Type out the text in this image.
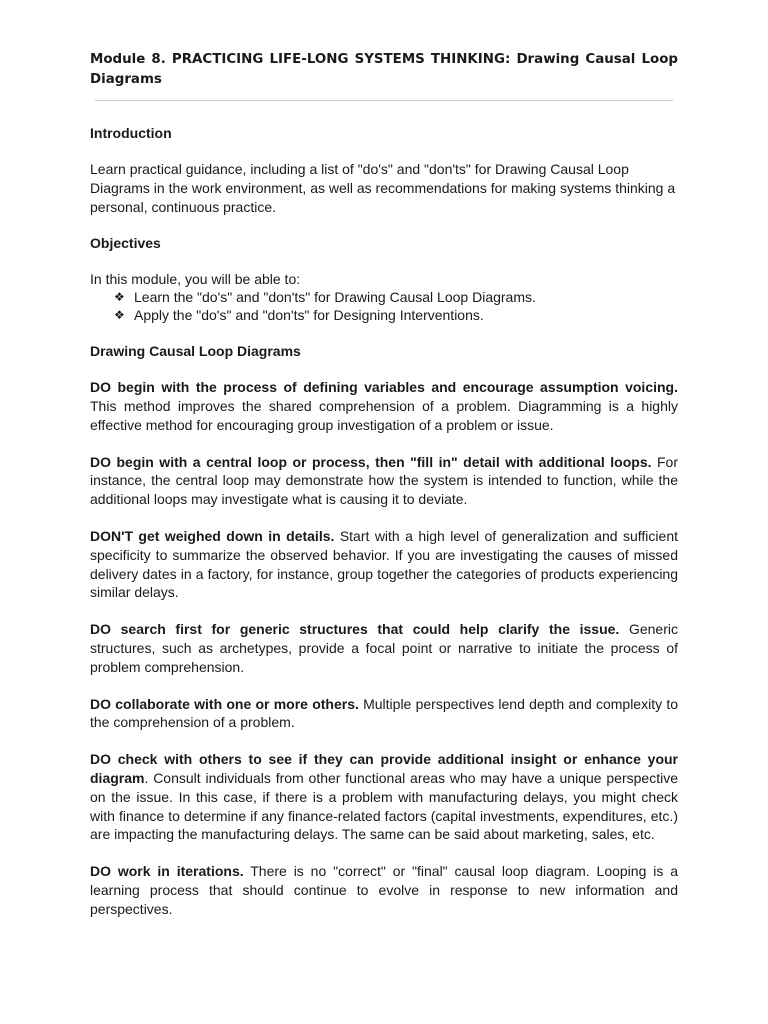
Module 8. PRACTICING LIFE-LONG SYSTEMS THINKING: Drawing Causal Loop Diagrams
Introduction

Learn practical guidance, including a list of "do's" and "don'ts" for Drawing Causal Loop Diagrams in the work environment, as well as recommendations for making systems thinking a personal, continuous practice.

Objectives

In this module, you will be able to:

❖ Learn the "do's" and "don'ts" for Drawing Causal Loop Diagrams.
❖ Apply the "do's" and "don'ts" for Designing Interventions.
Drawing Causal Loop Diagrams

DO begin with the process of defining variables and encourage assumption voicing. This method improves the shared comprehension of a problem. Diagramming is a highly effective method for encouraging group investigation of a problem or issue.

DO begin with a central loop or process, then "fill in" detail with additional loops. For instance, the central loop may demonstrate how the system is intended to function, while the additional loops may investigate what is causing it to deviate.

DON'T get weighed down in details. Start with a high level of generalization and sufficient specificity to summarize the observed behavior. If you are investigating the causes of missed delivery dates in a factory, for instance, group together the categories of products experiencing similar delays.

DO search first for generic structures that could help clarify the issue. Generic structures, such as archetypes, provide a focal point or narrative to initiate the process of problem comprehension.

DO collaborate with one or more others. Multiple perspectives lend depth and complexity to the comprehension of a problem.

DO check with others to see if they can provide additional insight or enhance your diagram. Consult individuals from other functional areas who may have a unique perspective on the issue. In this case, if there is a problem with manufacturing delays, you might check with finance to determine if any finance-related factors (capital investments, expenditures, etc.) are impacting the manufacturing delays. The same can be said about marketing, sales, etc.

DO work in iterations. There is no "correct" or "final" causal loop diagram. Looping is a learning process that should continue to evolve in response to new information and perspectives.
